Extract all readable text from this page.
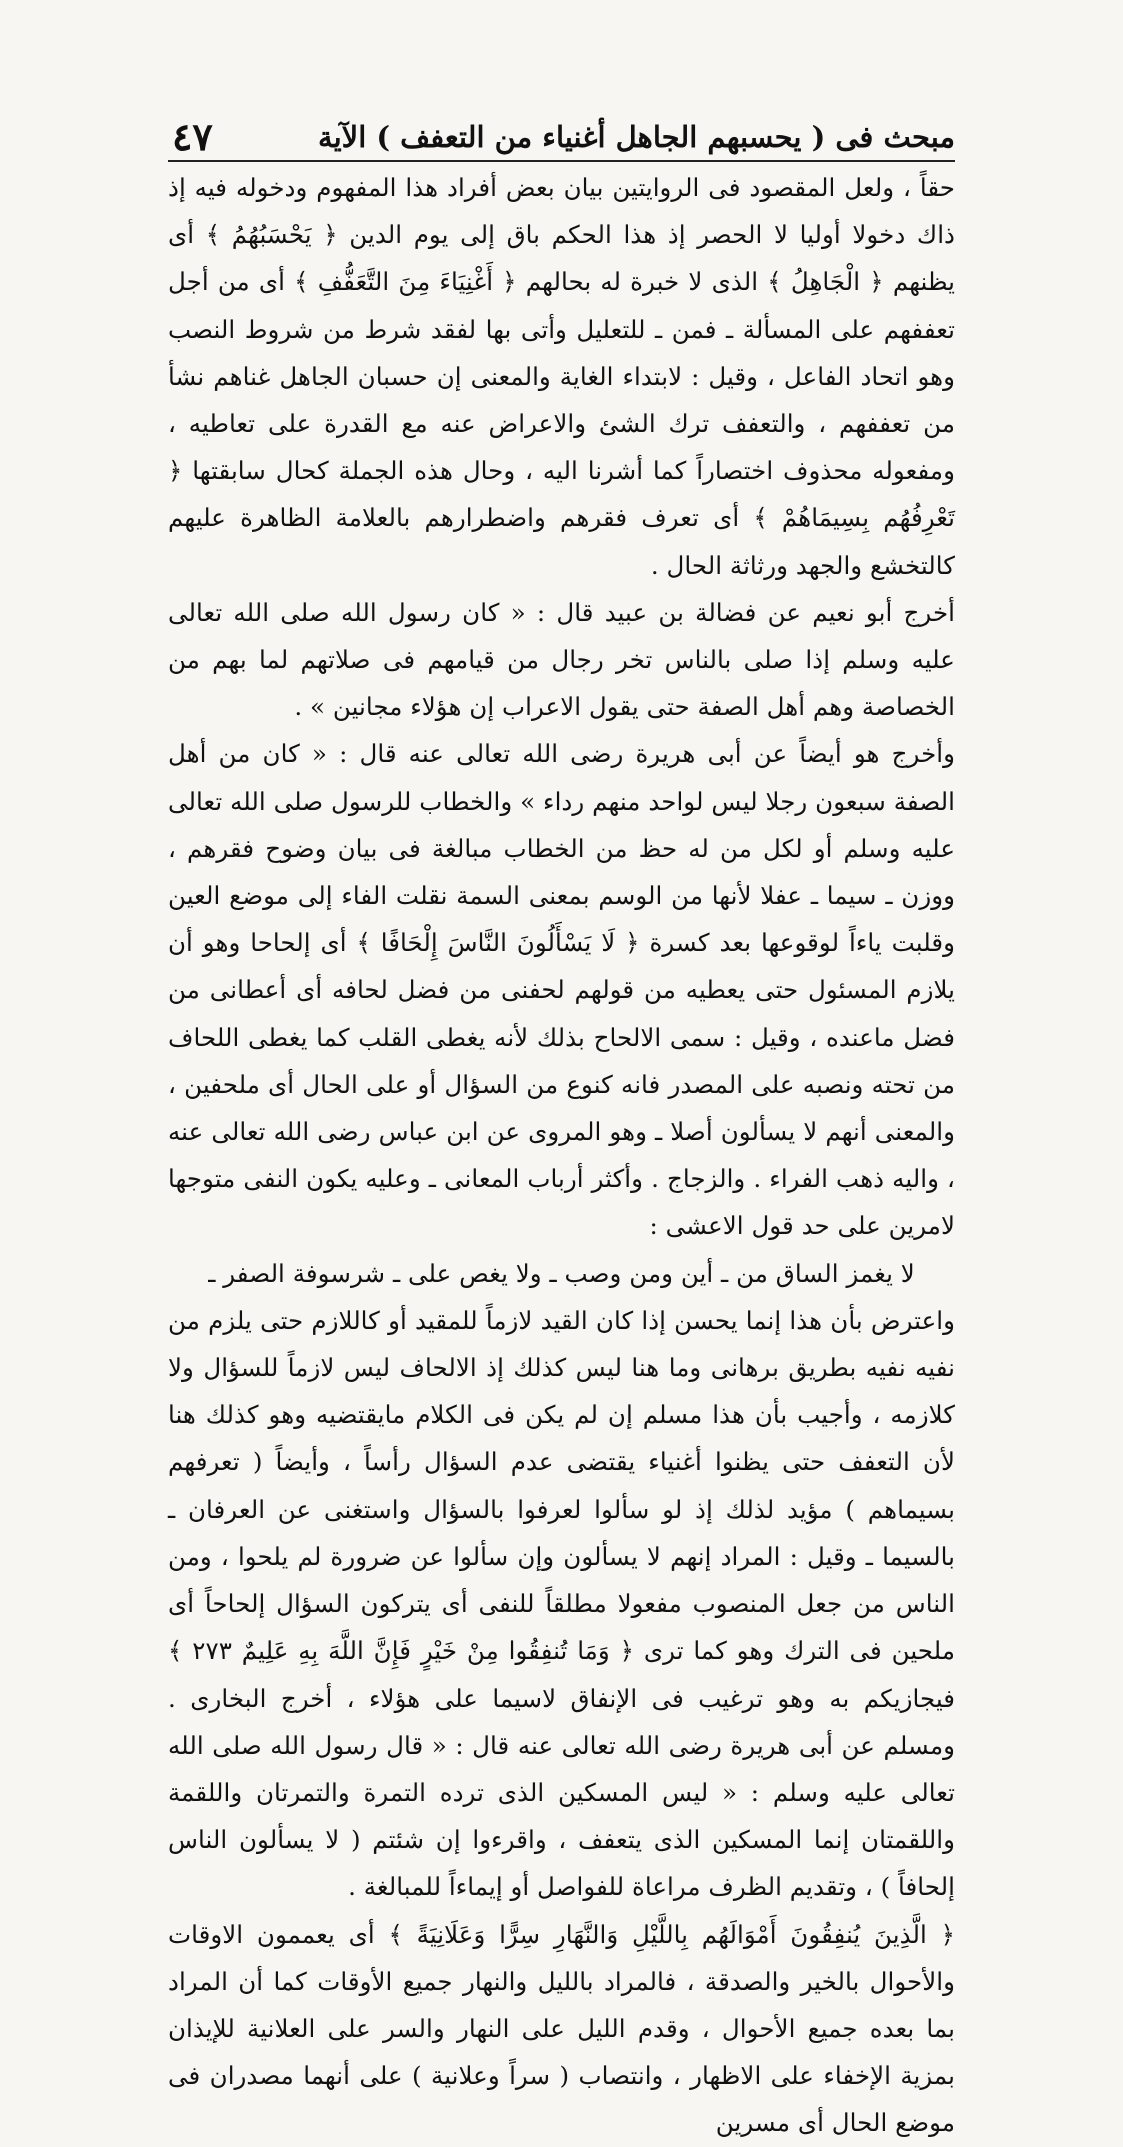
مبحث فى ( يحسبهم الجاهل أغنياء من التعفف ) الآية
٤٧

حقاً ، ولعل المقصود فى الروايتين بيان بعض أفراد هذا المفهوم ودخوله فيه إذ ذاك دخولا أوليا لا الحصر إذ هذا الحكم باق إلى يوم الدين ﴿ يَحْسَبُهُمُ ﴾ أى يظنهم ﴿ الْجَاهِلُ ﴾ الذى لا خبرة له بحالهم ﴿ أَغْنِيَاءَ مِنَ التَّعَفُّفِ ﴾ أى من أجل تعففهم على المسألة ـ فمن ـ للتعليل وأتى بها لفقد شرط من شروط النصب وهو اتحاد الفاعل ، وقيل : لابتداء الغاية والمعنى إن حسبان الجاهل غناهم نشأ من تعففهم ، والتعفف ترك الشئ والاعراض عنه مع القدرة على تعاطيه ، ومفعوله محذوف اختصاراً كما أشرنا اليه ، وحال هذه الجملة كحال سابقتها ﴿ تَعْرِفُهُم بِسِيمَاهُمْ ﴾ أى تعرف فقرهم واضطرارهم بالعلامة الظاهرة عليهم كالتخشع والجهد ورثاثة الحال .

أخرج أبو نعيم عن فضالة بن عبيد قال : « كان رسول الله صلى الله تعالى عليه وسلم إذا صلى بالناس تخر رجال من قيامهم فى صلاتهم لما بهم من الخصاصة وهم أهل الصفة حتى يقول الاعراب إن هؤلاء مجانين » .

وأخرج هو أيضاً عن أبى هريرة رضى الله تعالى عنه قال : « كان من أهل الصفة سبعون رجلا ليس لواحد منهم رداء » والخطاب للرسول صلى الله تعالى عليه وسلم أو لكل من له حظ من الخطاب مبالغة فى بيان وضوح فقرهم ، ووزن ـ سيما ـ عفلا لأنها من الوسم بمعنى السمة نقلت الفاء إلى موضع العين وقلبت ياءاً لوقوعها بعد كسرة ﴿ لَا يَسْأَلُونَ النَّاسَ إِلْحَافًا ﴾ أى إلحاحا وهو أن يلازم المسئول حتى يعطيه من قولهم لحفنى من فضل لحافه أى أعطانى من فضل ماعنده ، وقيل : سمى الالحاح بذلك لأنه يغطى القلب كما يغطى اللحاف من تحته ونصبه على المصدر فانه كنوع من السؤال أو على الحال أى ملحفين ، والمعنى أنهم لا يسألون أصلا ـ وهو المروى عن ابن عباس رضى الله تعالى عنه ، واليه ذهب الفراء . والزجاج . وأكثر أرباب المعانى ـ وعليه يكون النفى متوجها لامرين على حد قول الاعشى :

لا يغمز الساق من ـ أين ومن وصب ـ ولا يغص على ـ شرسوفة الصفر ـ

واعترض بأن هذا إنما يحسن إذا كان القيد لازماً للمقيد أو كاللازم حتى يلزم من نفيه نفيه بطريق برهانى وما هنا ليس كذلك إذ الالحاف ليس لازماً للسؤال ولا كلازمه ، وأجيب بأن هذا مسلم إن لم يكن فى الكلام مايقتضيه وهو كذلك هنا لأن التعفف حتى يظنوا أغنياء يقتضى عدم السؤال رأساً ، وأيضاً ( تعرفهم بسيماهم ) مؤيد لذلك إذ لو سألوا لعرفوا بالسؤال واستغنى عن العرفان ـ بالسيما ـ وقيل : المراد إنهم لا يسألون وإن سألوا عن ضرورة لم يلحوا ، ومن الناس من جعل المنصوب مفعولا مطلقاً للنفى أى يتركون السؤال إلحاحاً أى ملحين فى الترك وهو كما ترى ﴿ وَمَا تُنفِقُوا مِنْ خَيْرٍ فَإِنَّ اللَّهَ بِهِ عَلِيمٌ ٢٧٣ ﴾ فيجازيكم به وهو ترغيب فى الإنفاق لاسيما على هؤلاء ، أخرج البخارى . ومسلم عن أبى هريرة رضى الله تعالى عنه قال : « قال رسول الله صلى الله تعالى عليه وسلم : « ليس المسكين الذى ترده التمرة والتمرتان واللقمة واللقمتان إنما المسكين الذى يتعفف ، واقرءوا إن شئتم ( لا يسألون الناس إلحافاً ) ، وتقديم الظرف مراعاة للفواصل أو إيماءاً للمبالغة .

﴿ الَّذِينَ يُنفِقُونَ أَمْوَالَهُم بِاللَّيْلِ وَالنَّهَارِ سِرًّا وَعَلَانِيَةً ﴾ أى يعممون الاوقات والأحوال بالخير والصدقة ، فالمراد بالليل والنهار جميع الأوقات كما أن المراد بما بعده جميع الأحوال ، وقدم الليل على النهار والسر على العلانية للإيذان بمزية الإخفاء على الاظهار ، وانتصاب ( سراً وعلانية ) على أنهما مصدران فى موضع الحال أى مسرين
